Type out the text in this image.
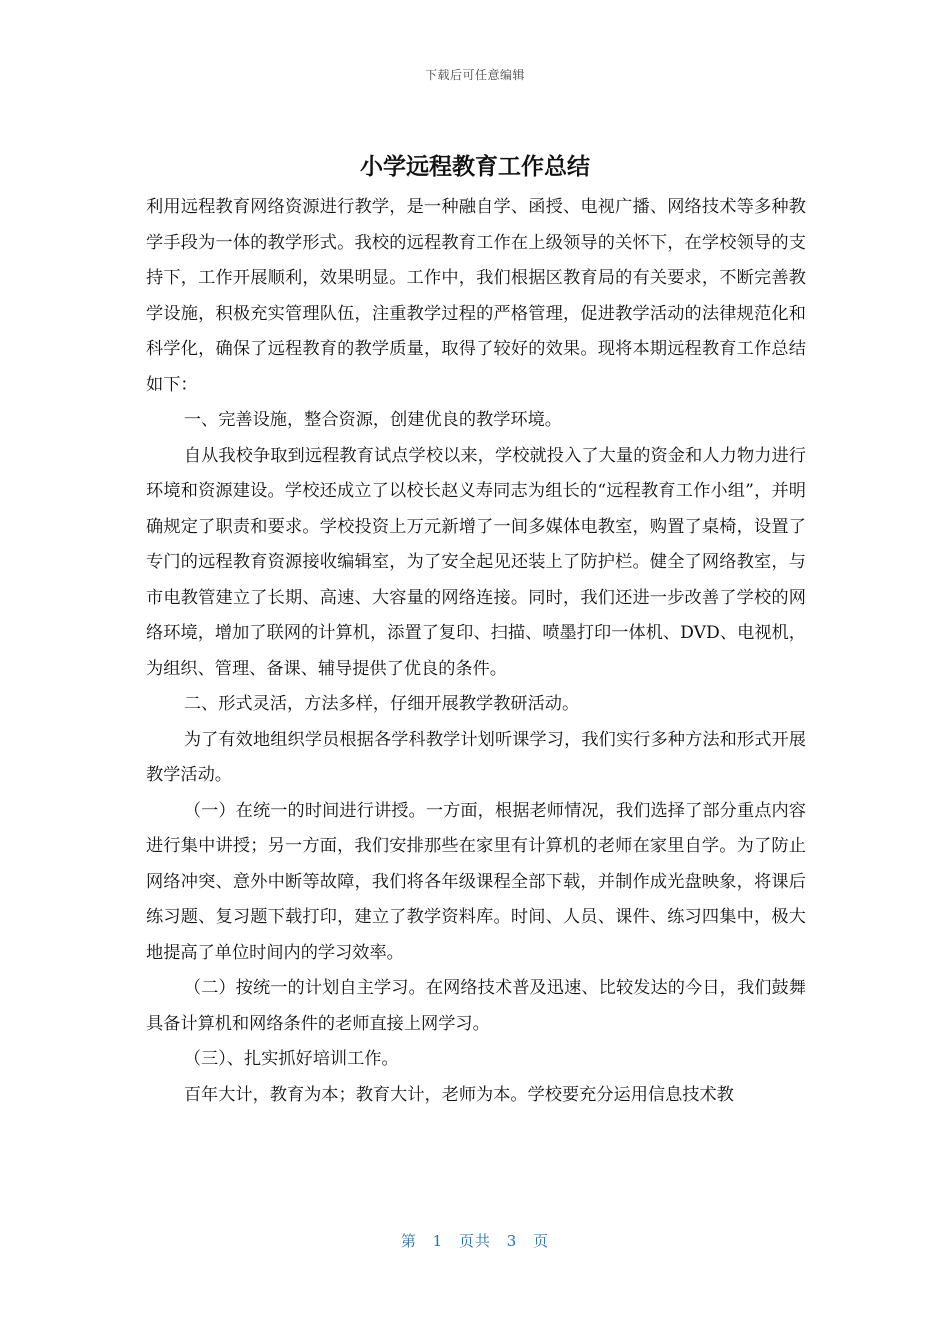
下载后可任意编辑
小学远程教育工作总结

利用远程教育网络资源进行教学，是一种融自学、函授、电视广播、网络技术等多种教学手段为一体的教学形式。我校的远程教育工作在上级领导的关怀下，在学校领导的支持下，工作开展顺利，效果明显。工作中，我们根据区教育局的有关要求，不断完善教学设施，积极充实管理队伍，注重教学过程的严格管理，促进教学活动的法律规范化和科学化，确保了远程教育的教学质量，取得了较好的效果。现将本期远程教育工作总结如下：

一、完善设施，整合资源，创建优良的教学环境。

自从我校争取到远程教育试点学校以来，学校就投入了大量的资金和人力物力进行环境和资源建设。学校还成立了以校长赵义寿同志为组长的“远程教育工作小组”，并明确规定了职责和要求。学校投资上万元新增了一间多媒体电教室，购置了桌椅，设置了专门的远程教育资源接收编辑室，为了安全起见还装上了防护栏。健全了网络教室，与市电教管建立了长期、高速、大容量的网络连接。同时，我们还进一步改善了学校的网络环境，增加了联网的计算机，添置了复印、扫描、喷墨打印一体机、DVD、电视机，为组织、管理、备课、辅导提供了优良的条件。

二、形式灵活，方法多样，仔细开展教学教研活动。

为了有效地组织学员根据各学科教学计划听课学习，我们实行多种方法和形式开展教学活动。

（一）在统一的时间进行讲授。一方面，根据老师情况，我们选择了部分重点内容进行集中讲授；另一方面，我们安排那些在家里有计算机的老师在家里自学。为了防止网络冲突、意外中断等故障，我们将各年级课程全部下载，并制作成光盘映象，将课后练习题、复习题下载打印，建立了教学资料库。时间、人员、课件、练习四集中，极大地提高了单位时间内的学习效率。

（二）按统一的计划自主学习。在网络技术普及迅速、比较发达的今日，我们鼓舞具备计算机和网络条件的老师直接上网学习。

（三）、扎实抓好培训工作。

百年大计，教育为本；教育大计，老师为本。学校要充分运用信息技术教

第 1 页共 3 页
